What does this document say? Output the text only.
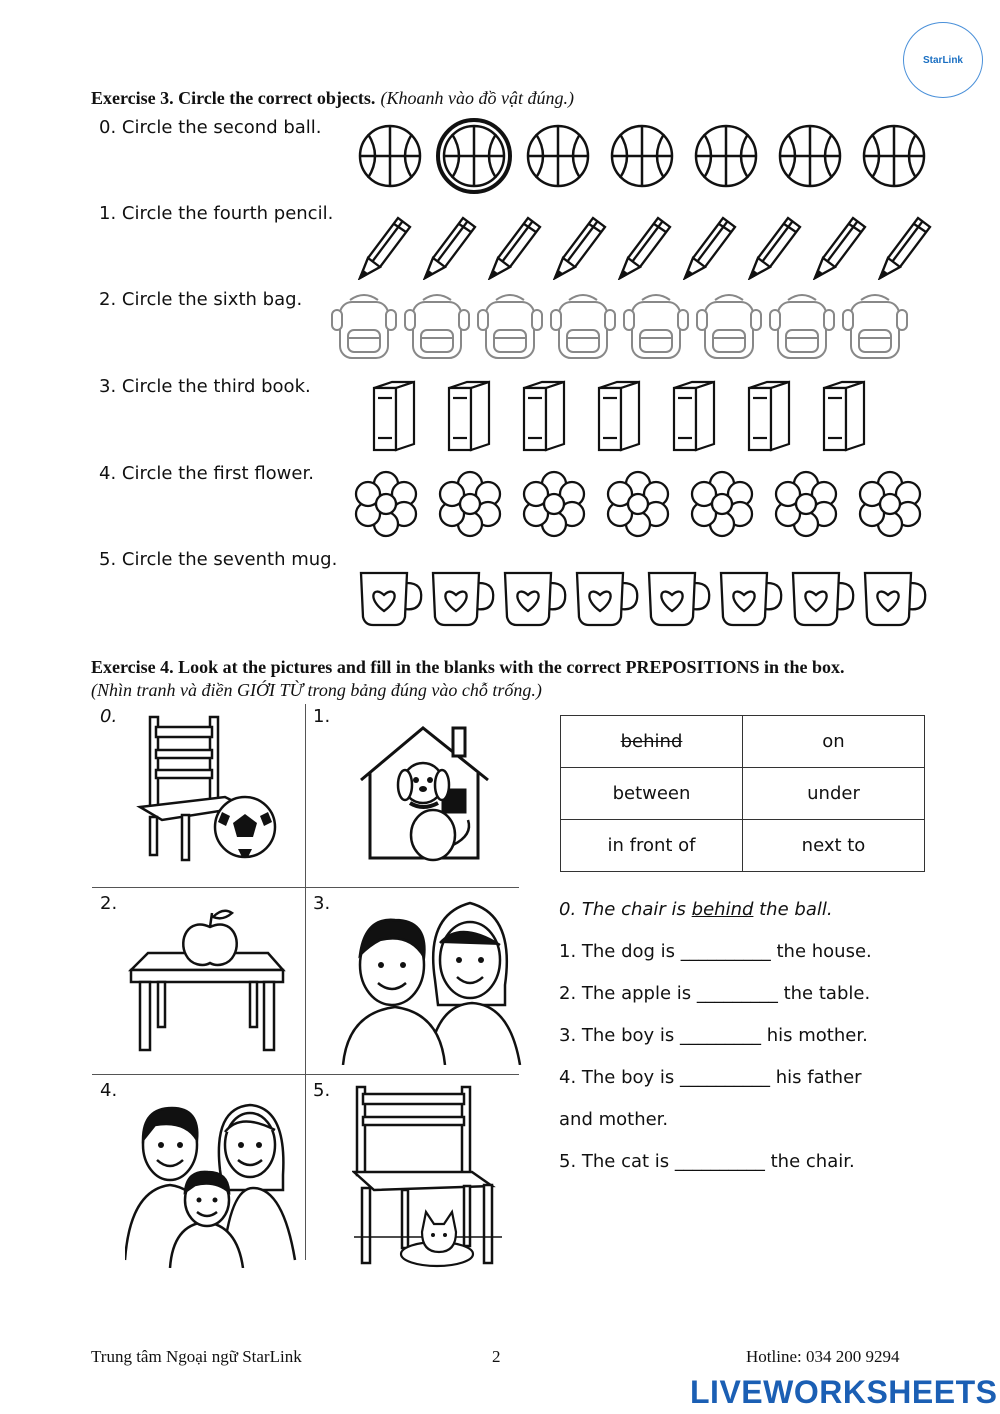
StarLink
Exercise 3. Circle the correct objects. (Khoanh vào đồ vật đúng.)
0. Circle the second ball.
1. Circle the fourth pencil.
2. Circle the sixth bag.
3. Circle the third book.
4. Circle the first flower.
5. Circle the seventh mug.
Exercise 4. Look at the pictures and fill in the blanks with the correct PREPOSITIONS in the box.
(Nhìn tranh và điền GIỚI TỪ trong bảng đúng vào chỗ trống.)
0.	1.
2.	3.
4.	5.
behind	on
between	under
in front of	next to
0. The chair is behind the ball.
1. The dog is __________ the house.
2. The apple is _________ the table.
3. The boy is _________ his mother.
4. The boy is __________ his father
and mother.
5. The cat is __________ the chair.
Trung tâm Ngoại ngữ StarLink	2	Hotline: 034 200 9294
LIVEWORKSHEETS
